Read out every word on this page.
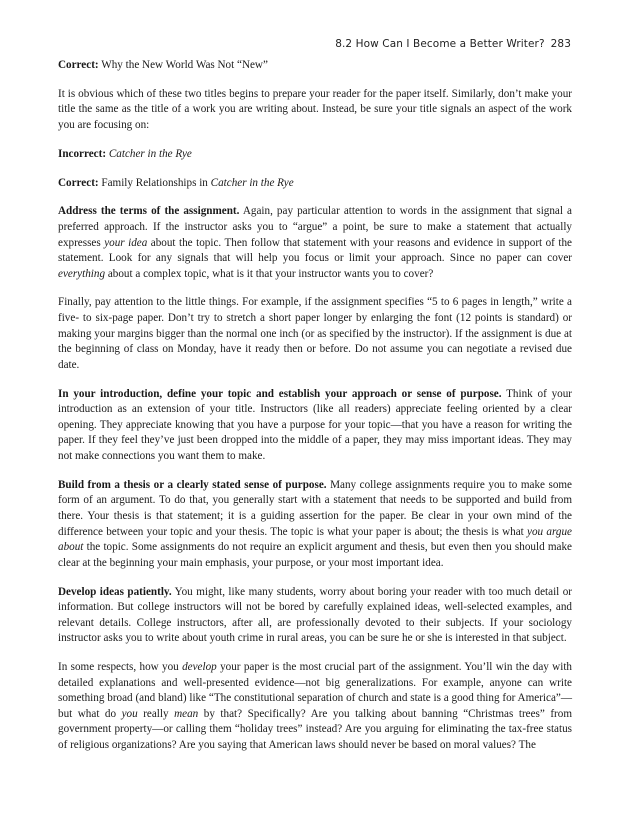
8.2 How Can I Become a Better Writer? 283

Correct: Why the New World Was Not “New”

It is obvious which of these two titles begins to prepare your reader for the paper itself. Similarly, don’t make your title the same as the title of a work you are writing about. Instead, be sure your title signals an aspect of the work you are focusing on:

Incorrect: Catcher in the Rye

Correct: Family Relationships in Catcher in the Rye

Address the terms of the assignment. Again, pay particular attention to words in the assignment that signal a preferred approach. If the instructor asks you to “argue” a point, be sure to make a statement that actually expresses your idea about the topic. Then follow that statement with your reasons and evidence in support of the statement. Look for any signals that will help you focus or limit your approach. Since no paper can cover everything about a complex topic, what is it that your instructor wants you to cover?

Finally, pay attention to the little things. For example, if the assignment specifies “5 to 6 pages in length,” write a five- to six-page paper. Don’t try to stretch a short paper longer by enlarging the font (12 points is standard) or making your margins bigger than the normal one inch (or as specified by the instructor). If the assignment is due at the beginning of class on Monday, have it ready then or before. Do not assume you can negotiate a revised due date.

In your introduction, define your topic and establish your approach or sense of purpose. Think of your introduction as an extension of your title. Instructors (like all readers) appreciate feeling oriented by a clear opening. They appreciate knowing that you have a purpose for your topic—that you have a reason for writing the paper. If they feel they’ve just been dropped into the middle of a paper, they may miss important ideas. They may not make connections you want them to make.

Build from a thesis or a clearly stated sense of purpose. Many college assignments require you to make some form of an argument. To do that, you generally start with a statement that needs to be supported and build from there. Your thesis is that statement; it is a guiding assertion for the paper. Be clear in your own mind of the difference between your topic and your thesis. The topic is what your paper is about; the thesis is what you argue about the topic. Some assignments do not require an explicit argument and thesis, but even then you should make clear at the beginning your main emphasis, your purpose, or your most important idea.

Develop ideas patiently. You might, like many students, worry about boring your reader with too much detail or information. But college instructors will not be bored by carefully explained ideas, well-selected examples, and relevant details. College instructors, after all, are professionally devoted to their subjects. If your sociology instructor asks you to write about youth crime in rural areas, you can be sure he or she is interested in that subject.

In some respects, how you develop your paper is the most crucial part of the assignment. You’ll win the day with detailed explanations and well-presented evidence—not big generalizations. For example, anyone can write something broad (and bland) like “The constitutional separation of church and state is a good thing for America”—but what do you really mean by that? Specifically? Are you talking about banning “Christmas trees” from government property—or calling them “holiday trees” instead? Are you arguing for eliminating the tax-free status of religious organizations? Are you saying that American laws should never be based on moral values? The
